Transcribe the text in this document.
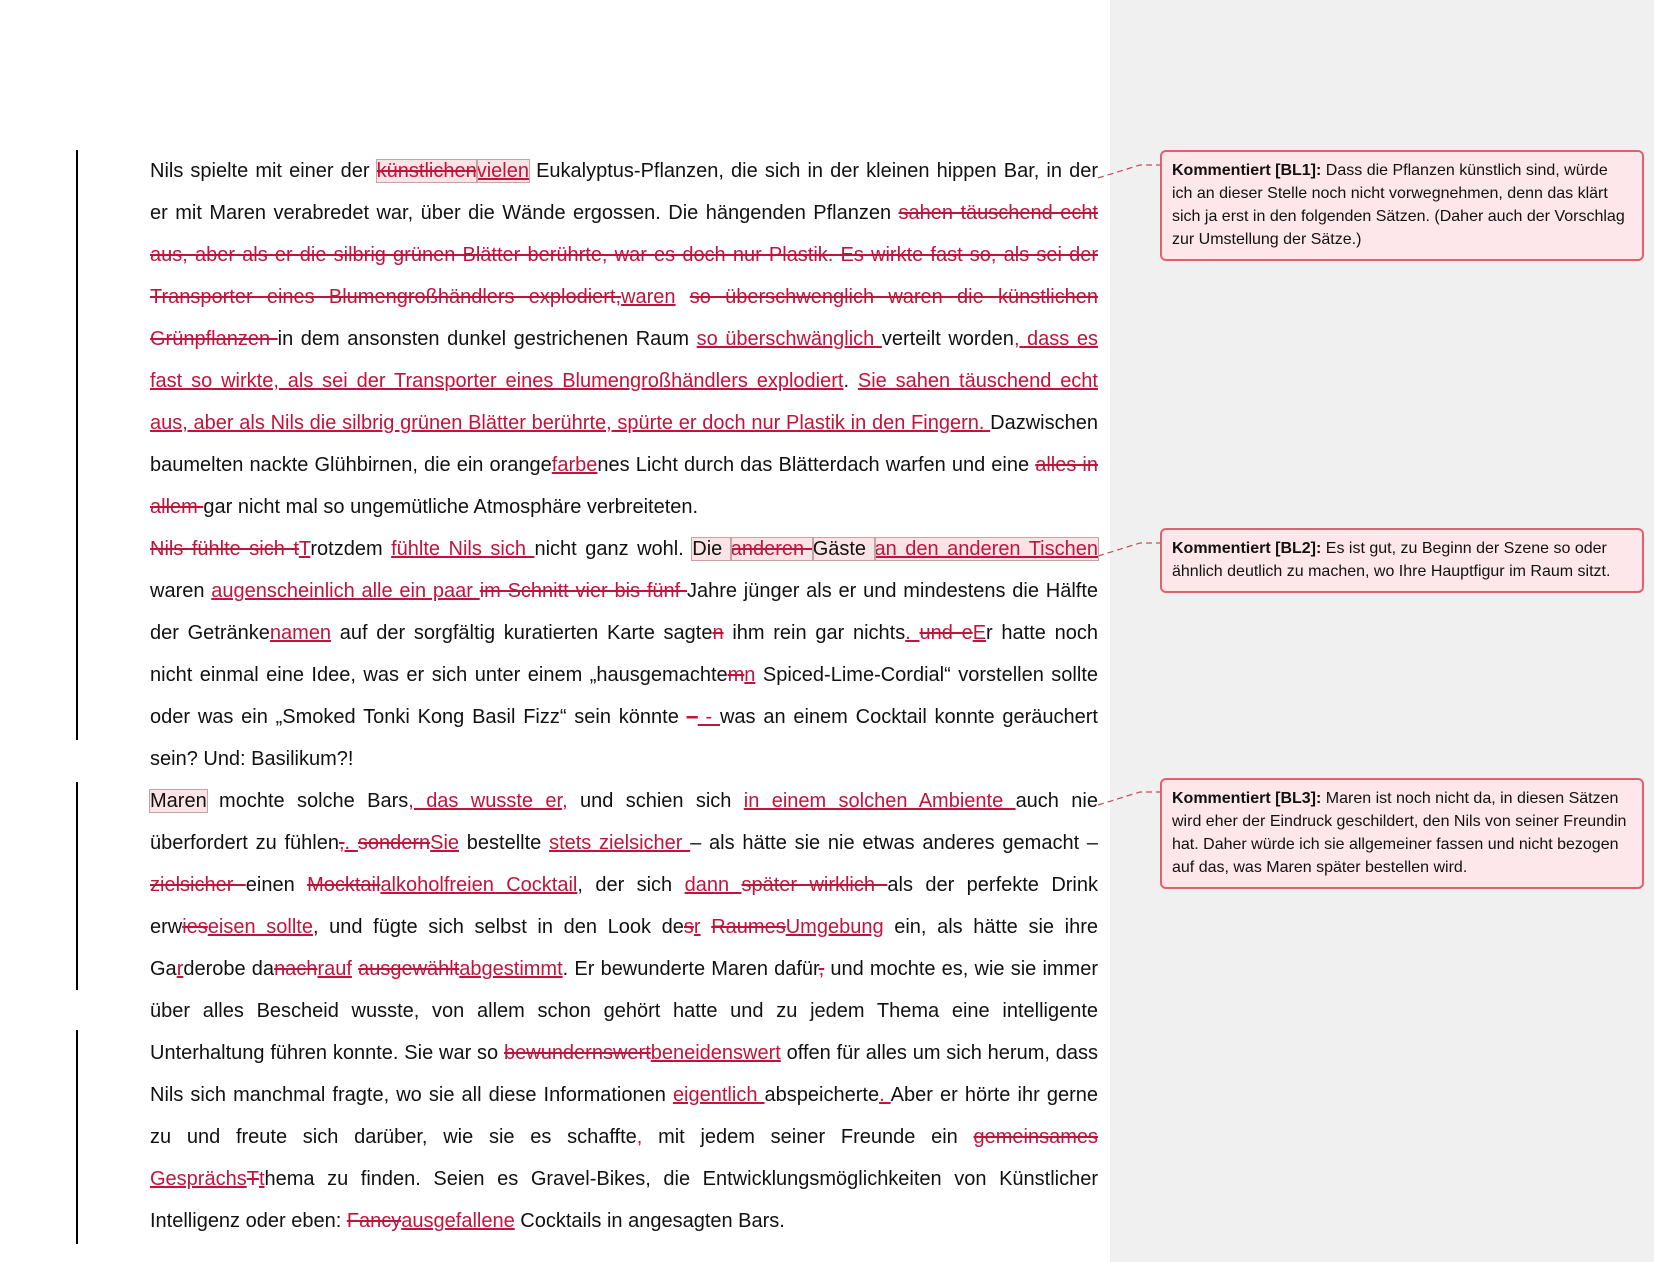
Nils spielte mit einer der künstlichenvielen Eukalyptus-Pflanzen, die sich in der kleinen hippen Bar, in der er mit Maren verabredet war, über die Wände ergossen. Die hängenden Pflanzen sahen täuschend echt aus, aber als er die silbrig grünen Blätter berührte, war es doch nur Plastik. Es wirkte fast so, als sei der Transporter eines Blumengroßhändlers explodiert,waren so überschwenglich waren die künstlichen Grünpflanzen in dem ansonsten dunkel gestrichenen Raum so überschwänglich verteilt worden, dass es fast so wirkte, als sei der Transporter eines Blumengroßhändlers explodiert. Sie sahen täuschend echt aus, aber als Nils die silbrig grünen Blätter berührte, spürte er doch nur Plastik in den Fingern. Dazwischen baumelten nackte Glühbirnen, die ein orangefarbenes Licht durch das Blätterdach warfen und eine alles in allem gar nicht mal so ungemütliche Atmosphäre verbreiteten.

Nils fühlte sich tTrotzdem fühlte Nils sich nicht ganz wohl. Die anderen Gäste an den anderen Tischen waren augenscheinlich alle ein paar im Schnitt vier bis fünf Jahre jünger als er und mindestens die Hälfte der Getränkenamen auf der sorgfältig kuratierten Karte sagten ihm rein gar nichts. und eEr hatte noch nicht einmal eine Idee, was er sich unter einem „hausgemachtemn Spiced-Lime-Cordial“ vorstellen sollte oder was ein „Smoked Tonki Kong Basil Fizz“ sein könnte – - was an einem Cocktail konnte geräuchert sein? Und: Basilikum?!

Maren mochte solche Bars, das wusste er, und schien sich in einem solchen Ambiente auch nie überfordert zu fühlen,. sondernSie bestellte stets zielsicher – als hätte sie nie etwas anderes gemacht – zielsicher einen Mocktailalkoholfreien Cocktail, der sich dann später wirklich als der perfekte Drink erwieseisen sollte, und fügte sich selbst in den Look desr RaumesUmgebung ein, als hätte sie ihre Garderobe danachrauf ausgewähltabgestimmt. Er bewunderte Maren dafür, und mochte es, wie sie immer über alles Bescheid wusste, von allem schon gehört hatte und zu jedem Thema eine intelligente Unterhaltung führen konnte. Sie war so bewundernswertbeneidenswert offen für alles um sich herum, dass Nils sich manchmal fragte, wo sie all diese Informationen eigentlich abspeicherte. Aber er hörte ihr gerne zu und freute sich darüber, wie sie es schaffte, mit jedem seiner Freunde ein gemeinsames GesprächsTthema zu finden. Seien es Gravel-Bikes, die Entwicklungsmöglichkeiten von Künstlicher Intelligenz oder eben: Fancyausgefallene Cocktails in angesagten Bars.

Kommentiert [BL1]: Dass die Pflanzen künstlich sind, würde ich an dieser Stelle noch nicht vorwegnehmen, denn das klärt sich ja erst in den folgenden Sätzen. (Daher auch der Vorschlag zur Umstellung der Sätze.)
Kommentiert [BL2]: Es ist gut, zu Beginn der Szene so oder ähnlich deutlich zu machen, wo Ihre Hauptfigur im Raum sitzt.
Kommentiert [BL3]: Maren ist noch nicht da, in diesen Sätzen wird eher der Eindruck geschildert, den Nils von seiner Freundin hat. Daher würde ich sie allgemeiner fassen und nicht bezogen auf das, was Maren später bestellen wird.
